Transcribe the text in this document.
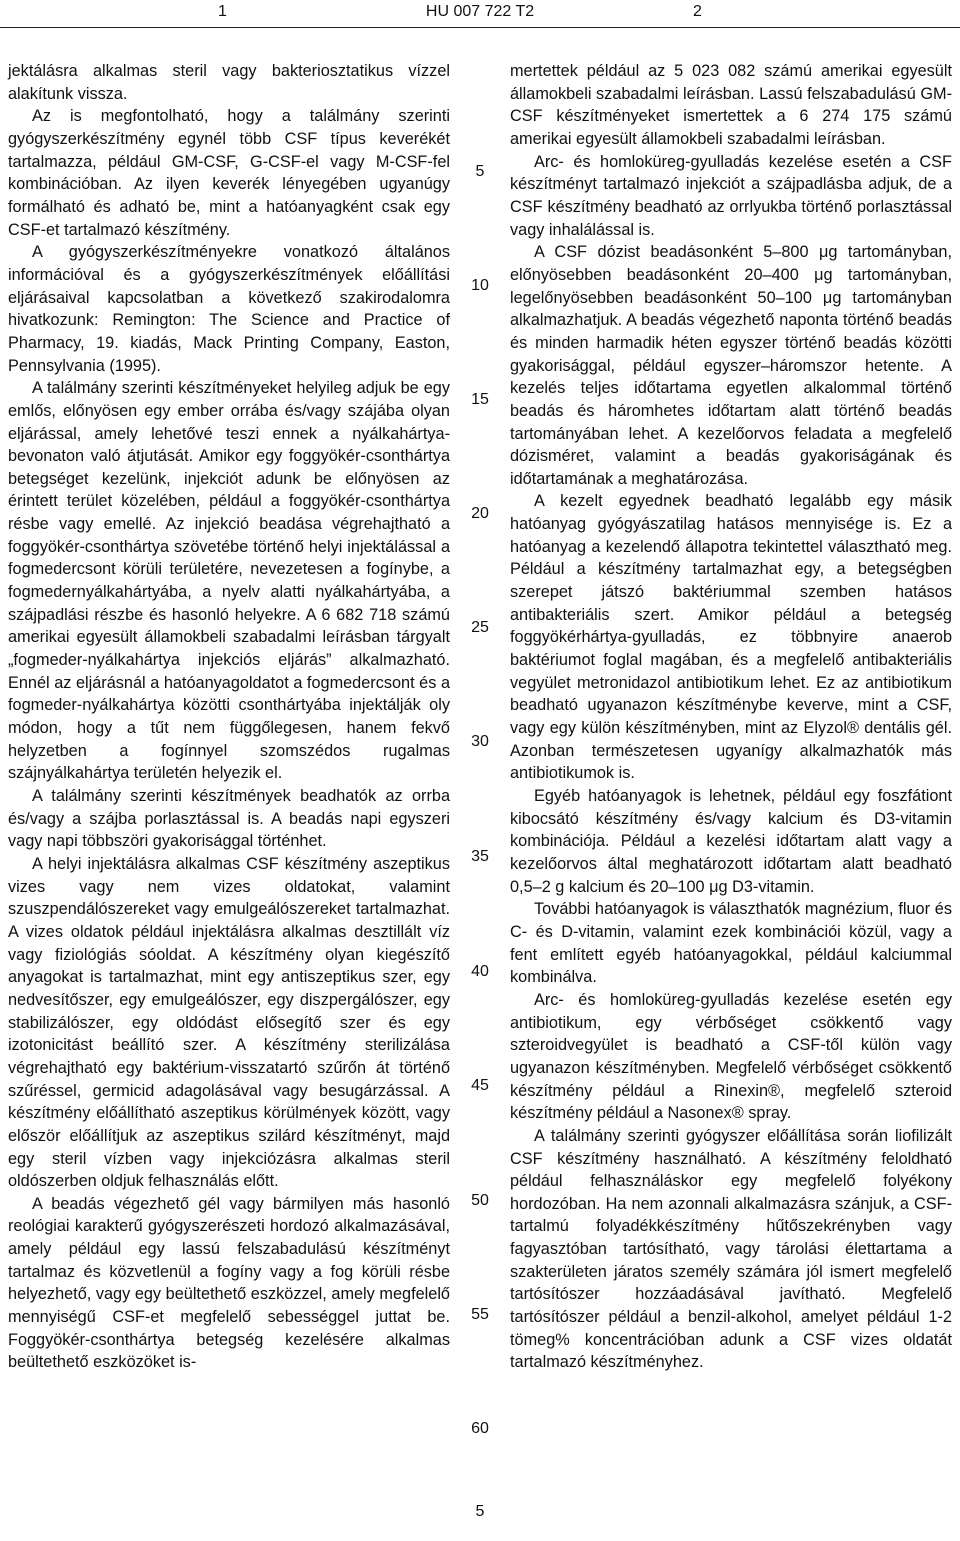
1	HU 007 722 T2	2

jektálásra alkalmas steril vagy bakteriosztatikus vízzel alakítunk vissza.

Az is megfontolható, hogy a találmány szerinti gyógyszerkészítmény egynél több CSF típus keverékét tartalmazza, például GM-CSF, G-CSF-el vagy M-CSF-fel kombinációban. Az ilyen keverék lényegében ugyanúgy formálható és adható be, mint a hatóanyagként csak egy CSF-et tartalmazó készítmény.

A gyógyszerkészítményekre vonatkozó általános információval és a gyógyszerkészítmények előállítási eljárásaival kapcsolatban a következő szakirodalomra hivatkozunk: Remington: The Science and Practice of Pharmacy, 19. kiadás, Mack Printing Company, Easton, Pennsylvania (1995).

A találmány szerinti készítményeket helyileg adjuk be egy emlős, előnyösen egy ember orrába és/vagy szájába olyan eljárással, amely lehetővé teszi ennek a nyálkahártya-bevonaton való átjutását. Amikor egy foggyökér-csonthártya betegséget kezelünk, injekciót adunk be előnyösen az érintett terület közelében, például a foggyökér-csonthártya résbe vagy emellé. Az injekció beadása végrehajtható a foggyökér-csonthártya szövetébe történő helyi injektálással a fogmedercsont körüli területére, nevezetesen a fogínybe, a fogmedernyálkahártyába, a nyelv alatti nyálkahártyába, a szájpadlási részbe és hasonló helyekre. A 6 682 718 számú amerikai egyesült államokbeli szabadalmi leírásban tárgyalt „fogmeder-nyálkahártya injekciós eljárás” alkalmazható. Ennél az eljárásnál a hatóanyagoldatot a fogmedercsont és a fogmeder-nyálkahártya közötti csonthártyába injektálják oly módon, hogy a tűt nem függőlegesen, hanem fekvő helyzetben a fogínnyel szomszédos rugalmas szájnyálkahártya területén helyezik el.

A találmány szerinti készítmények beadhatók az orrba és/vagy a szájba porlasztással is. A beadás napi egyszeri vagy napi többszöri gyakorisággal történhet.

A helyi injektálásra alkalmas CSF készítmény aszeptikus vizes vagy nem vizes oldatokat, valamint szuszpendálószereket vagy emulgeálószereket tartalmazhat. A vizes oldatok például injektálásra alkalmas desztillált víz vagy fiziológiás sóoldat. A készítmény olyan kiegészítő anyagokat is tartalmazhat, mint egy antiszeptikus szer, egy nedvesítőszer, egy emulgeálószer, egy diszpergálószer, egy stabilizálószer, egy oldódást elősegítő szer és egy izotonicitást beállító szer. A készítmény sterilizálása végrehajtható egy baktérium-visszatartó szűrőn át történő szűréssel, germicid adagolásával vagy besugárzással. A készítmény előállítható aszeptikus körülmények között, vagy először előállítjuk az aszeptikus szilárd készítményt, majd egy steril vízben vagy injekciózásra alkalmas steril oldószerben oldjuk felhasználás előtt.

A beadás végezhető gél vagy bármilyen más hasonló reológiai karakterű gyógyszerészeti hordozó alkalmazásával, amely például egy lassú felszabadulású készítményt tartalmaz és közvetlenül a fogíny vagy a fog körüli résbe helyezhető, vagy egy beültethető eszközzel, amely megfelelő mennyiségű CSF-et megfelelő sebességgel juttat be. Foggyökér-csonthártya betegség kezelésére alkalmas beültethető eszközöket is-

mertettek például az 5 023 082 számú amerikai egyesült államokbeli szabadalmi leírásban. Lassú felszabadulású GM-CSF készítményeket ismertettek a 6 274 175 számú amerikai egyesült államokbeli szabadalmi leírásban.

Arc- és homloküreg-gyulladás kezelése esetén a CSF készítményt tartalmazó injekciót a szájpadlásba adjuk, de a CSF készítmény beadható az orrlyukba történő porlasztással vagy inhalálással is.

A CSF dózist beadásonként 5–800 μg tartományban, előnyösebben beadásonként 20–400 μg tartományban, legelőnyösebben beadásonként 50–100 μg tartományban alkalmazhatjuk. A beadás végezhető naponta történő beadás és minden harmadik héten egyszer történő beadás közötti gyakorisággal, például egyszer–háromszor hetente. A kezelés teljes időtartama egyetlen alkalommal történő beadás és háromhetes időtartam alatt történő beadás tartományában lehet. A kezelőorvos feladata a megfelelő dózisméret, valamint a beadás gyakoriságának és időtartamának a meghatározása.

A kezelt egyednek beadható legalább egy másik hatóanyag gyógyászatilag hatásos mennyisége is. Ez a hatóanyag a kezelendő állapotra tekintettel választható meg. Például a készítmény tartalmazhat egy, a betegségben szerepet játszó baktériummal szemben hatásos antibakteriális szert. Amikor például a betegség foggyökérhártya-gyulladás, ez többnyire anaerob baktériumot foglal magában, és a megfelelő antibakteriális vegyület metronidazol antibiotikum lehet. Ez az antibiotikum beadható ugyanazon készítménybe keverve, mint a CSF, vagy egy külön készítményben, mint az Elyzol® dentális gél. Azonban természetesen ugyanígy alkalmazhatók más antibiotikumok is.

Egyéb hatóanyagok is lehetnek, például egy foszfátiont kibocsátó készítmény és/vagy kalcium és D3-vitamin kombinációja. Például a kezelési időtartam alatt vagy a kezelőorvos által meghatározott időtartam alatt beadható 0,5–2 g kalcium és 20–100 μg D3-vitamin.

További hatóanyagok is választhatók magnézium, fluor és C- és D-vitamin, valamint ezek kombinációi közül, vagy a fent említett egyéb hatóanyagokkal, például kalciummal kombinálva.

Arc- és homloküreg-gyulladás kezelése esetén egy antibiotikum, egy vérbőséget csökkentő vagy szteroidvegyület is beadható a CSF-től külön vagy ugyanazon készítményben. Megfelelő vérbőséget csökkentő készítmény például a Rinexin®, megfelelő szteroid készítmény például a Nasonex® spray.

A találmány szerinti gyógyszer előállítása során liofilizált CSF készítmény használható. A készítmény feloldható például felhasználáskor egy megfelelő folyékony hordozóban. Ha nem azonnali alkalmazásra szánjuk, a CSF-tartalmú folyadékkészítmény hűtőszekrényben vagy fagyasztóban tartósítható, vagy tárolási élettartama a szakterületen járatos személy számára jól ismert megfelelő tartósítószer hozzáadásával javítható. Megfelelő tartósítószer például a benzil-alkohol, amelyet például 1-2 tömeg% koncentrációban adunk a CSF vizes oldatát tartalmazó készítményhez.

5
10
15
20
25
30
35
40
45
50
55
60
5
